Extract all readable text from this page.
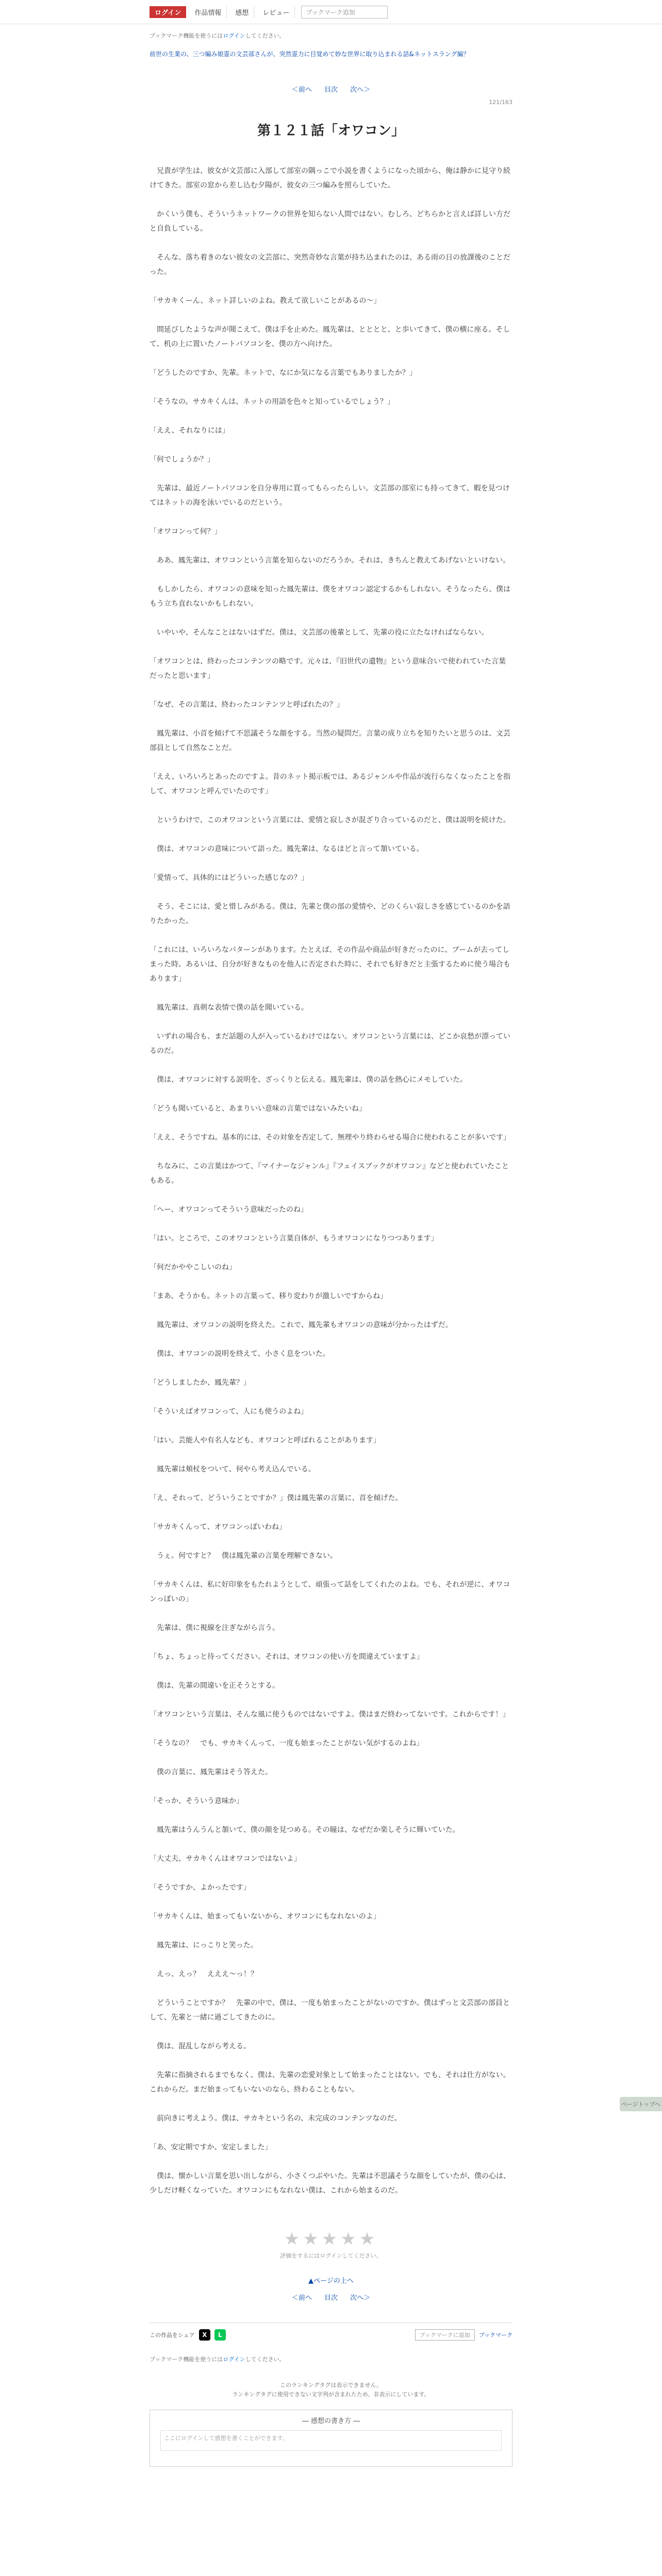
ログイン	作品情報	感想	レビュー	ブックマーク追加
ブックマーク機能を使うにはログインしてください。
前世の生業の、三つ編み娘霊の文芸部さんが、突然霊力に目覚めて妙な世界に取り込まれる話&ネットスラング編？
＜前へ 目次 次へ＞
121/163
第１２１話「オワコン」

　兄貴が学生は、彼女が文芸部に入部して部室の隅っこで小説を書くようになった頃から、俺は静かに見守り続けてきた。部室の窓から差し込む夕陽が、彼女の三つ編みを照らしていた。

　かくいう僕も、そういうネットワークの世界を知らない人間ではない。むしろ、どちらかと言えば詳しい方だと自負している。

　そんな、落ち着きのない彼女の文芸部に、突然奇妙な言葉が持ち込まれたのは、ある雨の日の放課後のことだった。

「サカキくーん、ネット詳しいのよね。教えて欲しいことがあるの～」

　間延びしたような声が聞こえて、僕は手を止めた。鳳先輩は、とととと、と歩いてきて、僕の横に座る。そして、机の上に置いたノートパソコンを、僕の方へ向けた。

「どうしたのですか、先輩。ネットで、なにか気になる言葉でもありましたか？」

「そうなの。サカキくんは、ネットの用語を色々と知っているでしょう？」

「ええ、それなりには」

「何でしょうか？」

　先輩は、最近ノートパソコンを自分専用に買ってもらったらしい。文芸部の部室にも持ってきて、暇を見つけてはネットの海を泳いでいるのだという。

「オワコンって何？」

　ああ、鳳先輩は、オワコンという言葉を知らないのだろうか。それは、きちんと教えてあげないといけない。

　もしかしたら、オワコンの意味を知った鳳先輩は、僕をオワコン認定するかもしれない。そうなったら、僕はもう立ち直れないかもしれない。

　いやいや、そんなことはないはずだ。僕は、文芸部の後輩として、先輩の役に立たなければならない。

「オワコンとは、終わったコンテンツの略です。元々は、『旧世代の遺物』という意味合いで使われていた言葉だったと思います」

「なぜ、その言葉は、終わったコンテンツと呼ばれたの？」

　鳳先輩は、小首を傾げて不思議そうな顔をする。当然の疑問だ。言葉の成り立ちを知りたいと思うのは、文芸部員として自然なことだ。

「ええ、いろいろとあったのですよ。昔のネット掲示板では、あるジャンルや作品が流行らなくなったことを指して、オワコンと呼んでいたのです」

　というわけで、このオワコンという言葉には、愛情と寂しさが混ざり合っているのだと、僕は説明を続けた。

　僕は、オワコンの意味について語った。鳳先輩は、なるほどと言って頷いている。

「愛情って、具体的にはどういった感じなの？」

　そう、そこには、愛と惜しみがある。僕は、先輩と僕の部の愛情や、どのくらい寂しさを感じているのかを語りたかった。

「これには、いろいろなパターンがあります。たとえば、その作品や商品が好きだったのに、ブームが去ってしまった時。あるいは、自分が好きなものを他人に否定された時に、それでも好きだと主張するために使う場合もあります」

　鳳先輩は、真剣な表情で僕の話を聞いている。

　いずれの場合も、まだ話題の人が入っているわけではない。オワコンという言葉には、どこか哀愁が漂っているのだ。

　僕は、オワコンに対する説明を、ざっくりと伝える。鳳先輩は、僕の話を熱心にメモしていた。

「どうも聞いていると、あまりいい意味の言葉ではないみたいね」

「ええ、そうですね。基本的には、その対象を否定して、無理やり終わらせる場合に使われることが多いです」

　ちなみに、この言葉はかつて、『マイナーなジャンル』『フェイスブックがオワコン』などと使われていたこともある。

「へー、オワコンってそういう意味だったのね」

「はい。ところで、このオワコンという言葉自体が、もうオワコンになりつつあります」

「何だかややこしいのね」

「まあ、そうかも。ネットの言葉って、移り変わりが激しいですからね」

　鳳先輩は、オワコンの説明を終えた。これで、鳳先輩もオワコンの意味が分かったはずだ。

　僕は、オワコンの説明を終えて、小さく息をついた。

「どうしましたか、鳳先輩？」

「そういえばオワコンって、人にも使うのよね」

「はい。芸能人や有名人なども、オワコンと呼ばれることがあります」

　鳳先輩は頬杖をついて、何やら考え込んでいる。

「え、それって、どういうことですか？」僕は鳳先輩の言葉に、首を傾げた。

「サカキくんって、オワコンっぽいわね」

　うぇ。何ですと？　僕は鳳先輩の言葉を理解できない。

「サカキくんは、私に好印象をもたれようとして、頑張って話をしてくれたのよね。でも、それが逆に、オワコンっぽいの」

　先輩は、僕に視線を注ぎながら言う。

「ちょ、ちょっと待ってください。それは、オワコンの使い方を間違えていますよ」

　僕は、先輩の間違いを正そうとする。

「オワコンという言葉は、そんな風に使うものではないですよ。僕はまだ終わってないです。これからです！」

「そうなの？　でも、サカキくんって、一度も始まったことがない気がするのよね」

　僕の言葉に、鳳先輩はそう答えた。

「そっか、そういう意味か」

　鳳先輩はうんうんと頷いて、僕の顔を見つめる。その瞳は、なぜだか楽しそうに輝いていた。

「大丈夫、サカキくんはオワコンではないよ」

「そうですか、よかったです」

「サカキくんは、始まってもいないから、オワコンにもなれないのよ」

　鳳先輩は、にっこりと笑った。

　えっ、えっ？　えええ～っ！？

　どういうことですか？　先輩の中で、僕は、一度も始まったことがないのですか。僕はずっと文芸部の部員として、先輩と一緒に過ごしてきたのに。

　僕は、混乱しながら考える。

　先輩に指摘されるまでもなく、僕は、先輩の恋愛対象として始まったことはない。でも、それは仕方がない。これからだ。まだ始まってもいないのなら、終わることもない。

　前向きに考えよう。僕は、サカキという名の、未完成のコンテンツなのだ。

「あ、安定期ですか、安定しました」

　僕は、懐かしい言葉を思い出しながら、小さくつぶやいた。先輩は不思議そうな顔をしていたが、僕の心は、少しだけ軽くなっていた。オワコンにもなれない僕は、これから始まるのだ。

★★★★★
評価をするにはログインしてください。
▲ページの上へ
＜前へ 目次 次へ＞
この作品をシェア	X	L	ブックマークに追加	ブックマーク
ブックマーク機能を使うにはログインしてください。
このランキングタグは表示できません。
ランキングタグに使用できない文字列が含まれたため、非表示にしています。
― 感想の書き方 ―
ここにログインして感想を書くことができます。
ページトップへ
